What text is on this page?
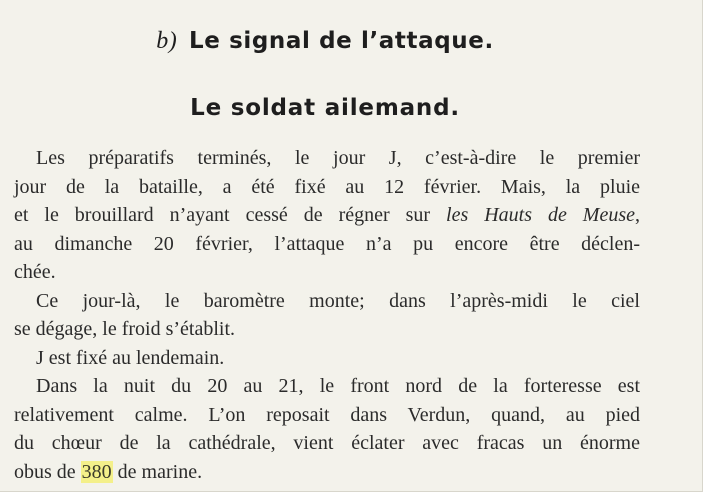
b) Le signal de l’attaque.
Le soldat ailemand.
Les préparatifs terminés, le jour J, c’est-à-dire le premier
jour de la bataille, a été fixé au 12 février. Mais, la pluie
et le brouillard n’ayant cessé de régner sur les Hauts de Meuse,
au dimanche 20 février, l’attaque n’a pu encore être déclen-
chée.
Ce jour-là, le baromètre monte; dans l’après-midi le ciel
se dégage, le froid s’établit.
J est fixé au lendemain.
Dans la nuit du 20 au 21, le front nord de la forteresse est
relativement calme. L’on reposait dans Verdun, quand, au pied
du chœur de la cathédrale, vient éclater avec fracas un énorme
obus de 380 de marine.
